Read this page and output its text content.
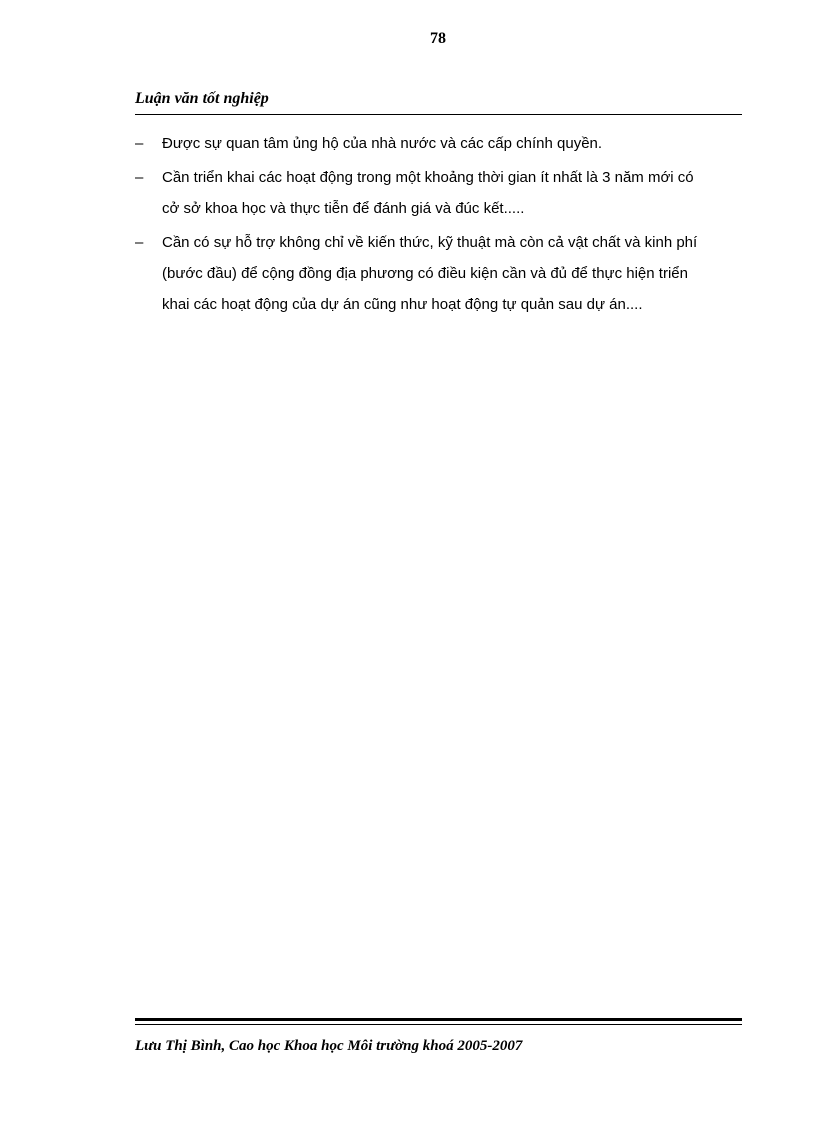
78
Luận văn tốt nghiệp
– Được sự quan tâm ủng hộ của nhà nước và các cấp chính quyền.
– Cần triển khai các hoạt động trong một khoảng thời gian ít nhất là 3 năm mới có
cở sở khoa học và thực tiễn để đánh giá và đúc kết.....
– Cần có sự hỗ trợ không chỉ về kiến thức, kỹ thuật mà còn cả vật chất và kinh phí
(bước đầu) để cộng đồng địa phương có điều kiện cần và đủ để thực hiện triển
khai các hoạt động của dự án cũng như hoạt động tự quản sau dự án....
Lưu Thị Bình, Cao học Khoa học Môi trường khoá 2005-2007
